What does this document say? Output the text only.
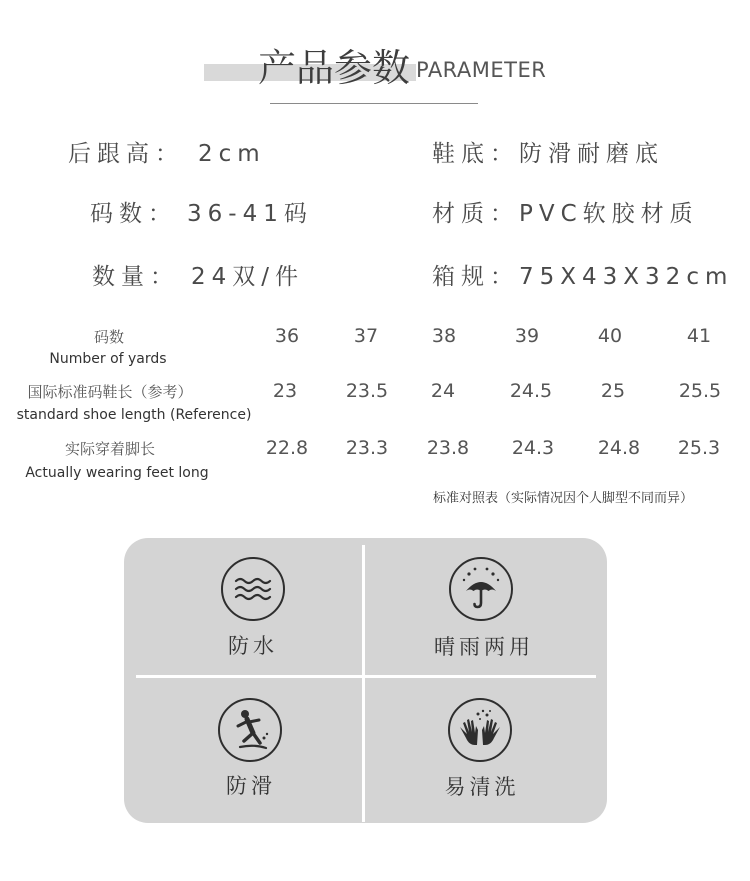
产品参数 PARAMETER
后跟高： 2cm	鞋底：防滑耐磨底
码数： 36-41码	材质：PVC软胶材质
数量： 24双/件	箱规：75X43X32cm
码数
Number of yards
36	37	38	39	40	41
国际标准码鞋长（参考）
standard shoe length (Reference)
23	23.5	24	24.5	25	25.5
实际穿着脚长
Actually wearing feet long
22.8	23.3	23.8	24.3	24.8	25.3
标准对照表（实际情况因个人脚型不同而异）
防水	晴雨两用
防滑	易清洗
